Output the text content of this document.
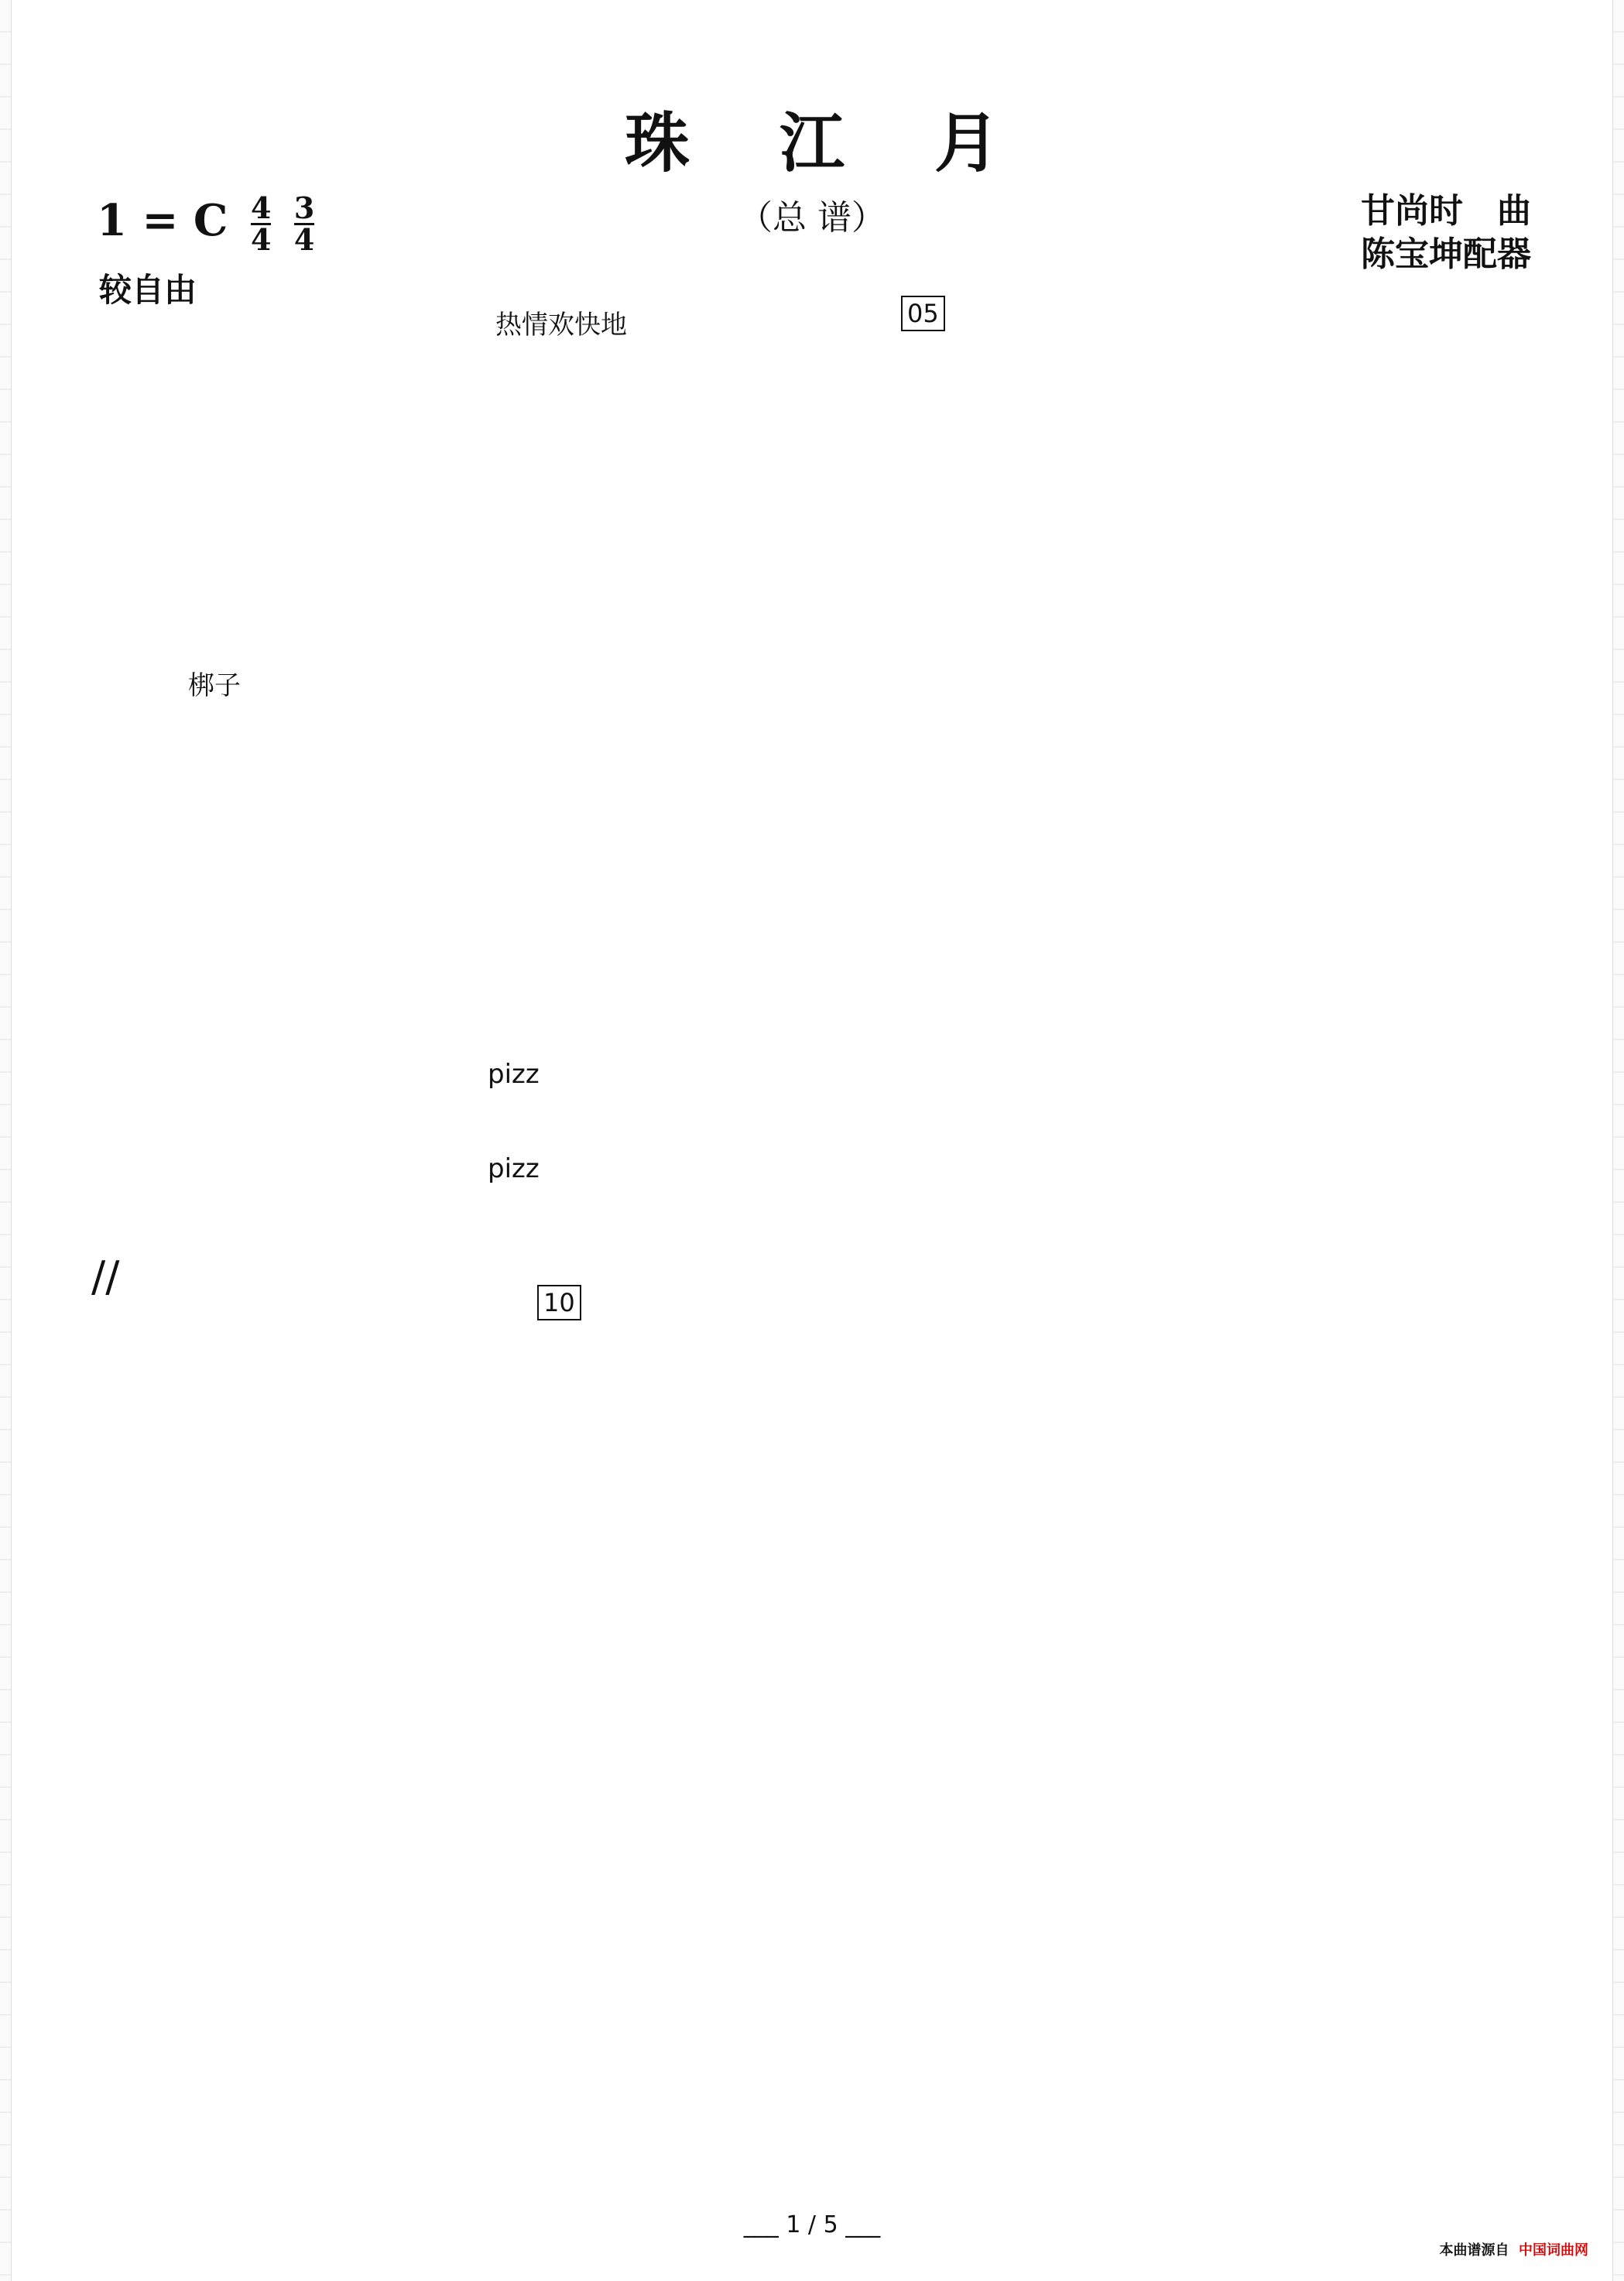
珠 江 月
（总 谱）
1 = C $\frac{4}{4} \frac{3}{4}$	甘尚时　曲
陈宝坤配器
较自由
热情欢快地	05
10
梆子
pizz
pizz
//
___ 1 / 5 ___
本曲谱源自 中国词曲网
